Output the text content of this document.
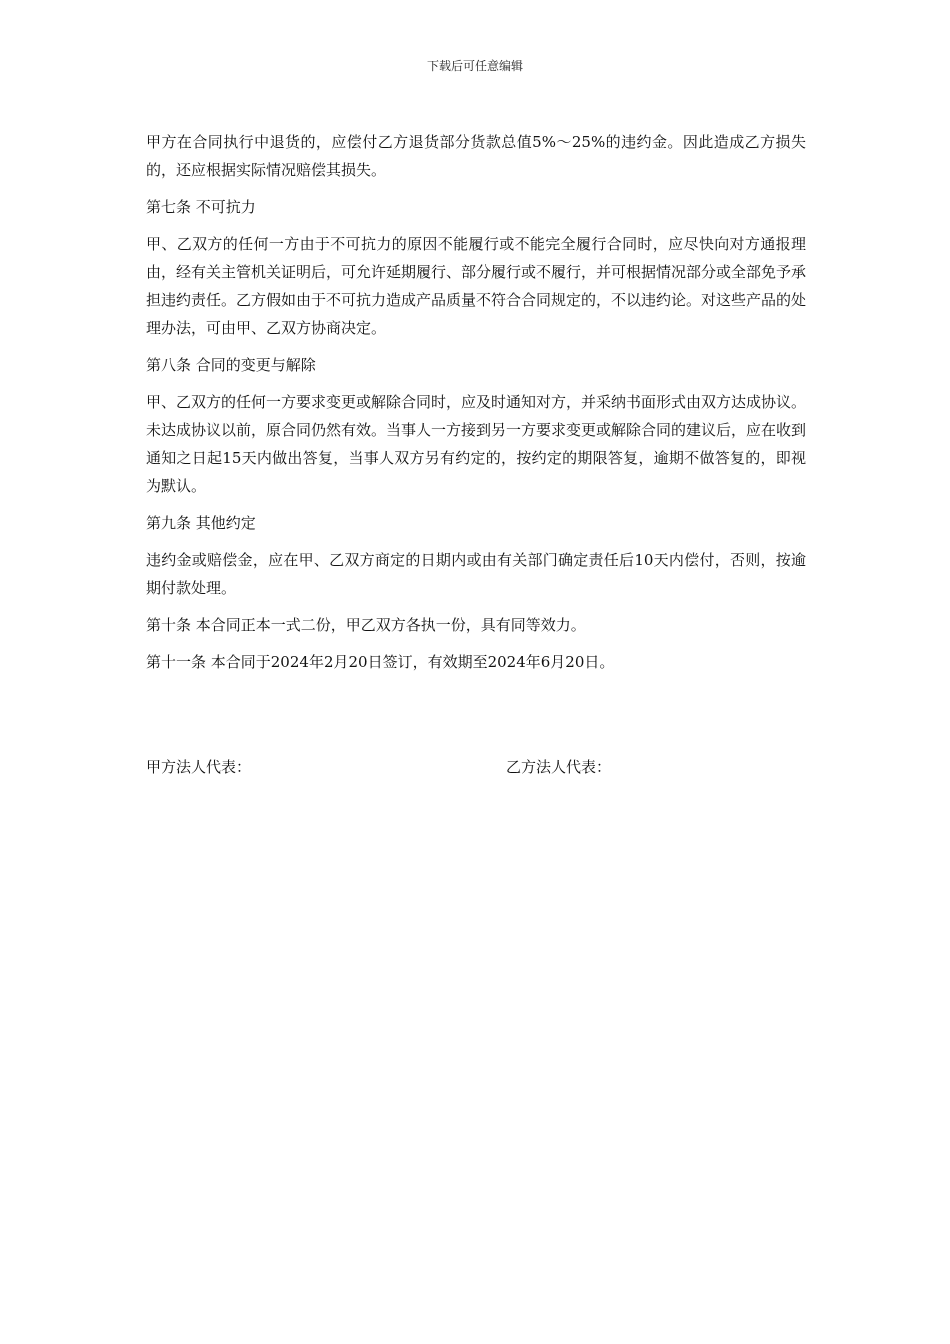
下载后可任意编辑

甲方在合同执行中退货的，应偿付乙方退货部分货款总值5%～25%的违约金。因此造成乙方损失的，还应根据实际情况赔偿其损失。

第七条 不可抗力

甲、乙双方的任何一方由于不可抗力的原因不能履行或不能完全履行合同时，应尽快向对方通报理由，经有关主管机关证明后，可允许延期履行、部分履行或不履行，并可根据情况部分或全部免予承担违约责任。乙方假如由于不可抗力造成产品质量不符合合同规定的，不以违约论。对这些产品的处理办法，可由甲、乙双方协商决定。

第八条 合同的变更与解除

甲、乙双方的任何一方要求变更或解除合同时，应及时通知对方，并采纳书面形式由双方达成协议。未达成协议以前，原合同仍然有效。当事人一方接到另一方要求变更或解除合同的建议后，应在收到通知之日起15天内做出答复，当事人双方另有约定的，按约定的期限答复，逾期不做答复的，即视为默认。

第九条 其他约定

违约金或赔偿金，应在甲、乙双方商定的日期内或由有关部门确定责任后10天内偿付，否则，按逾期付款处理。

第十条 本合同正本一式二份，甲乙双方各执一份，具有同等效力。

第十一条 本合同于2024年2月20日签订，有效期至2024年6月20日。

甲方法人代表：	乙方法人代表：
